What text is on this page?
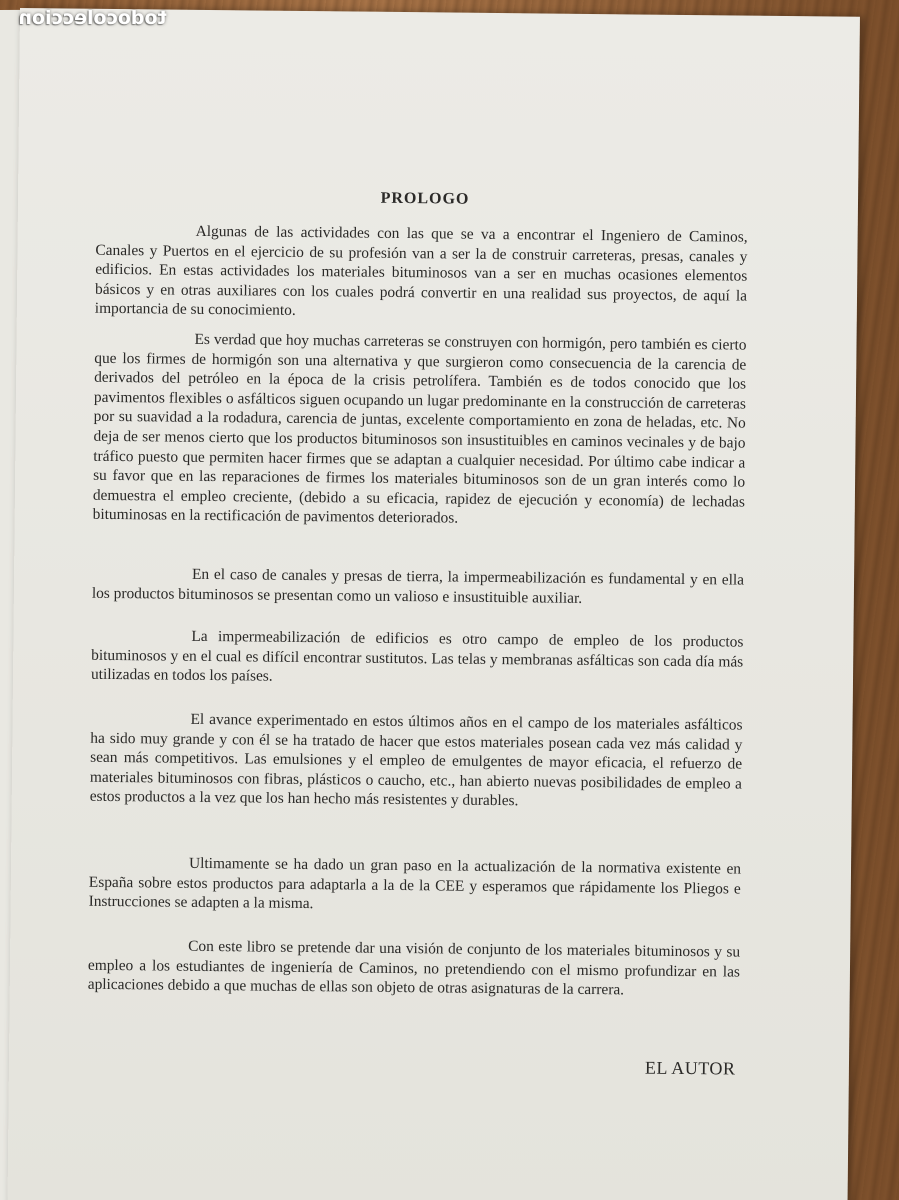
todocoleccion
PROLOGO

Algunas de las actividades con las que se va a encontrar el Ingeniero de Caminos, Canales y Puertos en el ejercicio de su profesión van a ser la de construir carreteras, presas, canales y edificios. En estas actividades los materiales bituminosos van a ser en muchas ocasiones elementos básicos y en otras auxiliares con los cuales podrá convertir en una realidad sus proyectos, de aquí la importancia de su conocimiento.

Es verdad que hoy muchas carreteras se construyen con hormigón, pero también es cierto que los firmes de hormigón son una alternativa y que surgieron como consecuencia de la carencia de derivados del petróleo en la época de la crisis petrolífera. También es de todos conocido que los pavimentos flexibles o asfálticos siguen ocupando un lugar predominante en la construcción de carreteras por su suavidad a la rodadura, carencia de juntas, excelente comportamiento en zona de heladas, etc. No deja de ser menos cierto que los productos bituminosos son insustituibles en caminos vecinales y de bajo tráfico puesto que permiten hacer firmes que se adaptan a cualquier necesidad. Por último cabe indicar a su favor que en las reparaciones de firmes los materiales bituminosos son de un gran interés como lo demuestra el empleo creciente, (debido a su eficacia, rapidez de ejecución y economía) de lechadas bituminosas en la rectificación de pavimentos deteriorados.

En el caso de canales y presas de tierra, la impermeabilización es fundamental y en ella los productos bituminosos se presentan como un valioso e insustituible auxiliar.

La impermeabilización de edificios es otro campo de empleo de los productos bituminosos y en el cual es difícil encontrar sustitutos. Las telas y membranas asfálticas son cada día más utilizadas en todos los países.

El avance experimentado en estos últimos años en el campo de los materiales asfálticos ha sido muy grande y con él se ha tratado de hacer que estos materiales posean cada vez más calidad y sean más competitivos. Las emulsiones y el empleo de emulgentes de mayor eficacia, el refuerzo de materiales bituminosos con fibras, plásticos o caucho, etc., han abierto nuevas posibilidades de empleo a estos productos a la vez que los han hecho más resistentes y durables.

Ultimamente se ha dado un gran paso en la actualización de la normativa existente en España sobre estos productos para adaptarla a la de la CEE y esperamos que rápidamente los Pliegos e Instrucciones se adapten a la misma.

Con este libro se pretende dar una visión de conjunto de los materiales bituminosos y su empleo a los estudiantes de ingeniería de Caminos, no pretendiendo con el mismo profundizar en las aplicaciones debido a que muchas de ellas son objeto de otras asignaturas de la carrera.

EL AUTOR
